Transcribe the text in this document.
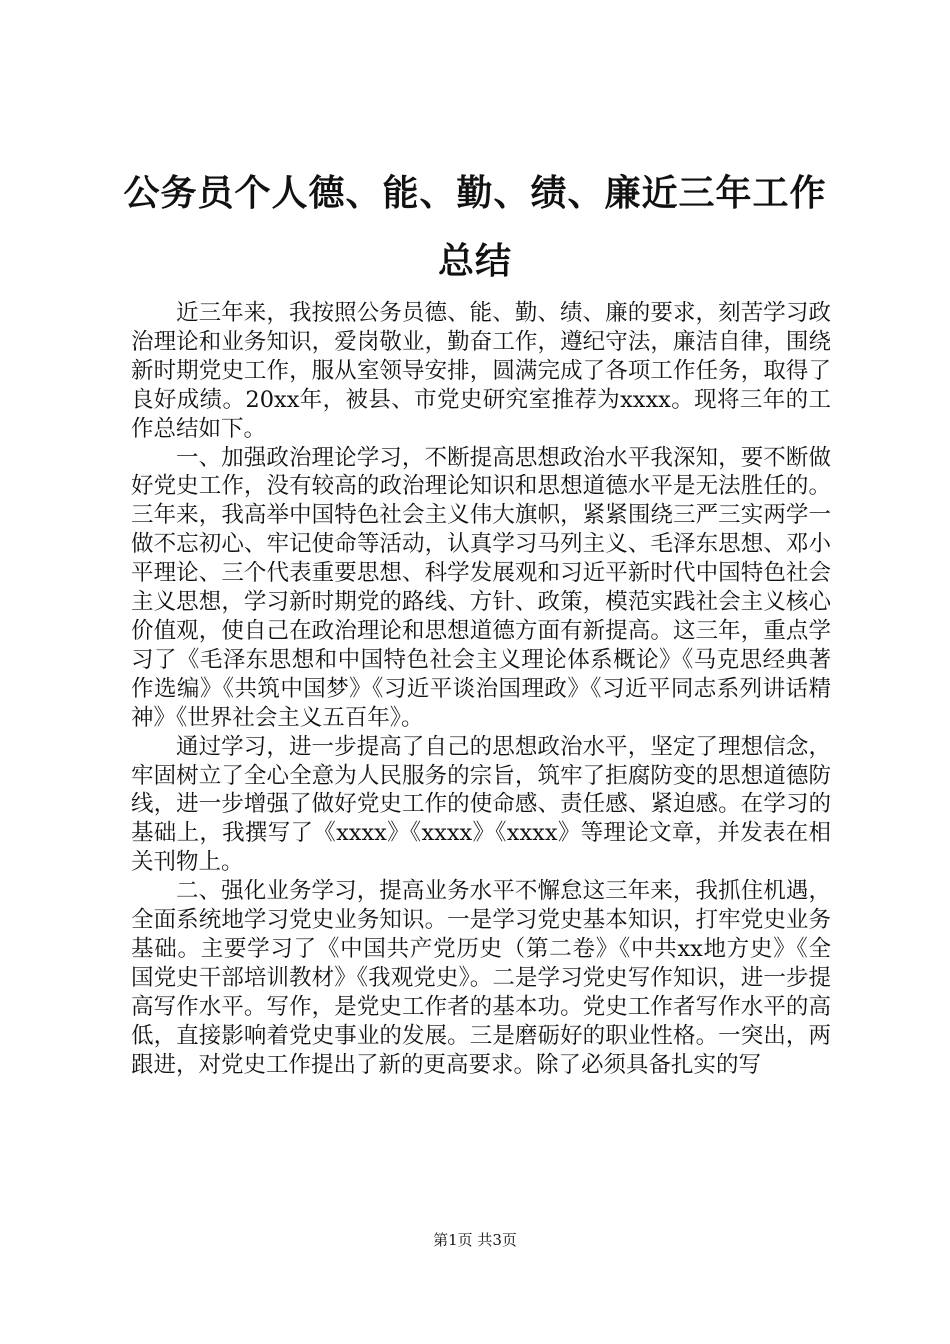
公务员个人德、能、勤、绩、廉近三年工作总结

近三年来，我按照公务员德、能、勤、绩、廉的要求，刻苦学习政治理论和业务知识，爱岗敬业，勤奋工作，遵纪守法，廉洁自律，围绕新时期党史工作，服从室领导安排，圆满完成了各项工作任务，取得了良好成绩。20xx年，被县、市党史研究室推荐为xxxx。现将三年的工作总结如下。

一、加强政治理论学习，不断提高思想政治水平我深知，要不断做好党史工作，没有较高的政治理论知识和思想道德水平是无法胜任的。三年来，我高举中国特色社会主义伟大旗帜，紧紧围绕三严三实两学一做不忘初心、牢记使命等活动，认真学习马列主义、毛泽东思想、邓小平理论、三个代表重要思想、科学发展观和习近平新时代中国特色社会主义思想，学习新时期党的路线、方针、政策，模范实践社会主义核心价值观，使自己在政治理论和思想道德方面有新提高。这三年，重点学习了《毛泽东思想和中国特色社会主义理论体系概论》《马克思经典著作选编》《共筑中国梦》《习近平谈治国理政》《习近平同志系列讲话精神》《世界社会主义五百年》。

通过学习，进一步提高了自己的思想政治水平，坚定了理想信念，牢固树立了全心全意为人民服务的宗旨，筑牢了拒腐防变的思想道德防线，进一步增强了做好党史工作的使命感、责任感、紧迫感。在学习的基础上，我撰写了《xxxx》《xxxx》《xxxx》等理论文章，并发表在相关刊物上。

二、强化业务学习，提高业务水平不懈怠这三年来，我抓住机遇，全面系统地学习党史业务知识。一是学习党史基本知识，打牢党史业务基础。主要学习了《中国共产党历史（第二卷》《中共xx地方史》《全国党史干部培训教材》《我观党史》。二是学习党史写作知识，进一步提高写作水平。写作，是党史工作者的基本功。党史工作者写作水平的高低，直接影响着党史事业的发展。三是磨砺好的职业性格。一突出，两跟进，对党史工作提出了新的更高要求。除了必须具备扎实的写

第1页 共3页
